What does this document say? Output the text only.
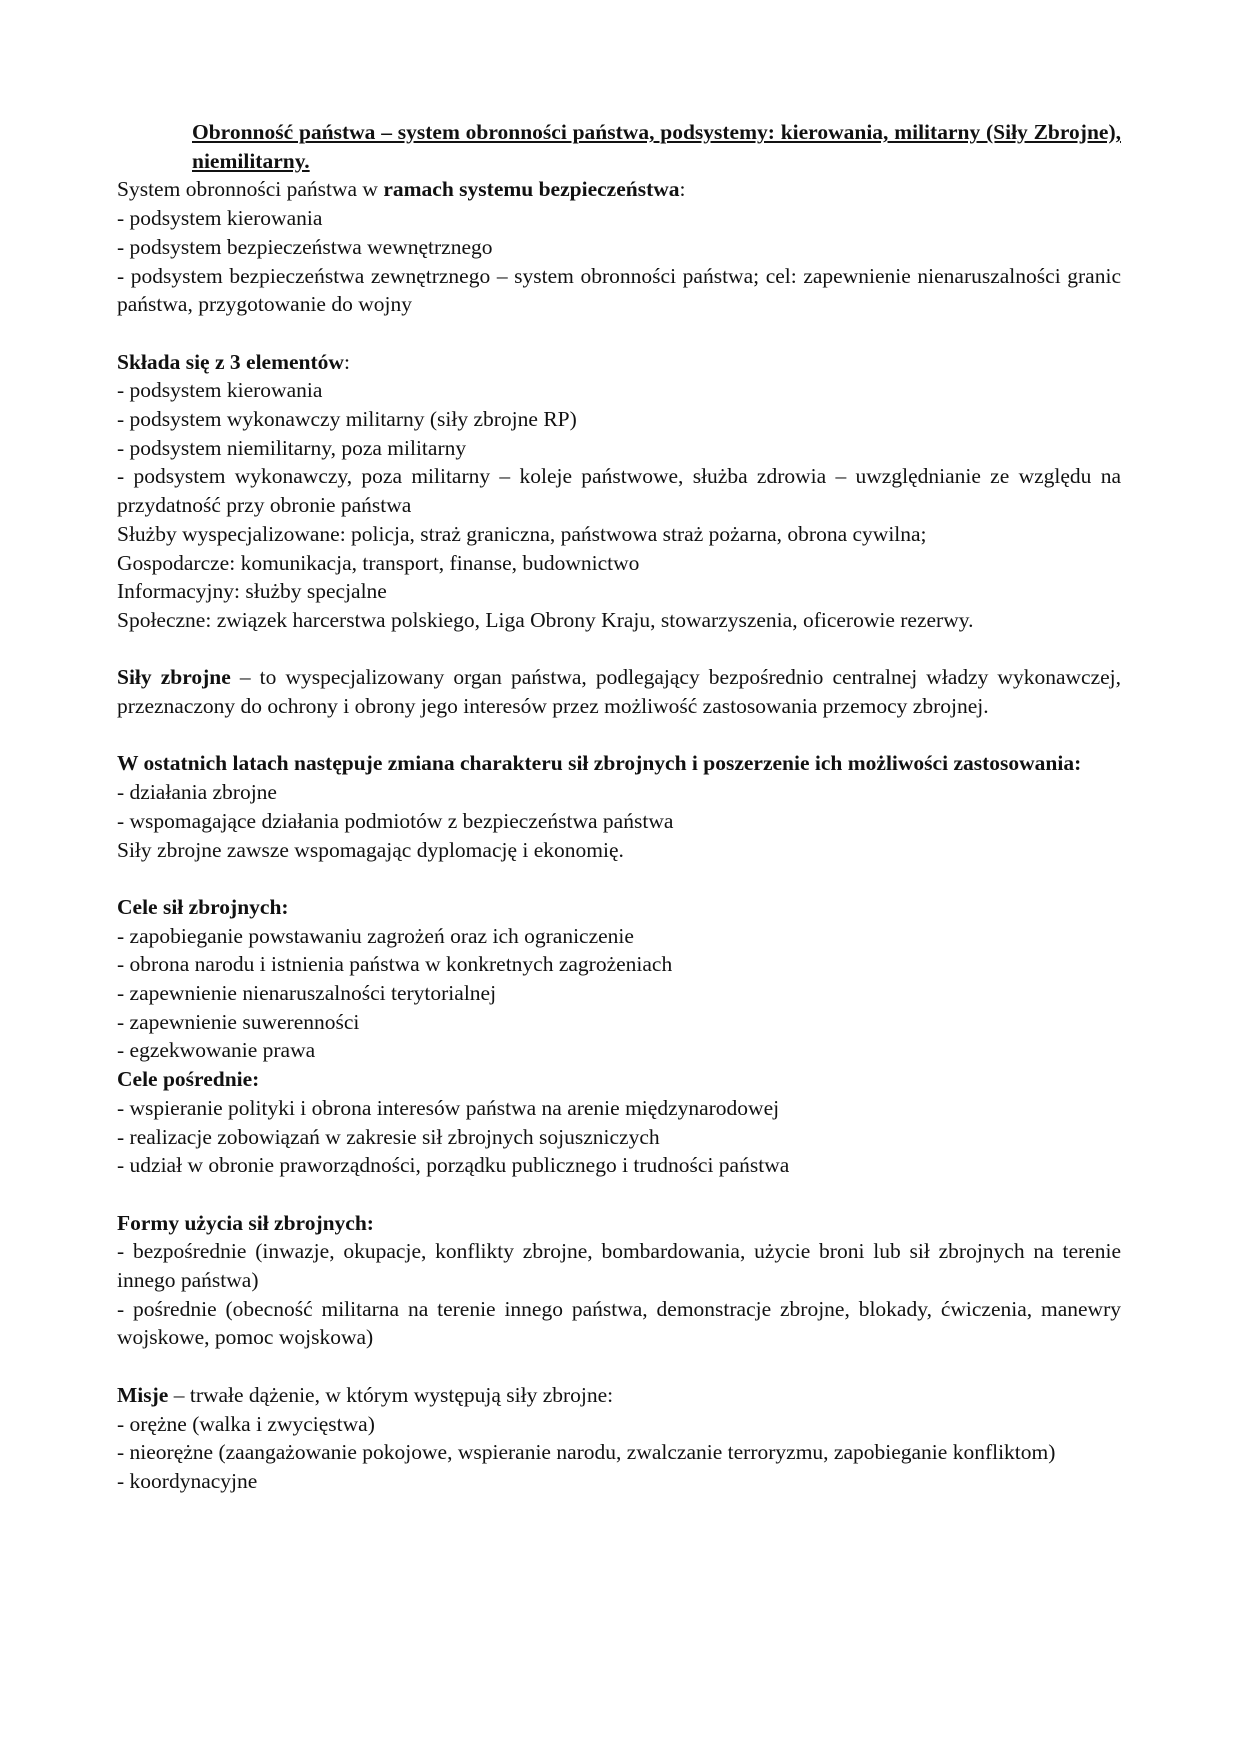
Obronność państwa – system obronności państwa, podsystemy: kierowania, militarny (Siły Zbrojne), niemilitarny.

System obronności państwa w ramach systemu bezpieczeństwa:

- podsystem kierowania

- podsystem bezpieczeństwa wewnętrznego

- podsystem bezpieczeństwa zewnętrznego – system obronności państwa; cel: zapewnienie nienaruszalności granic państwa, przygotowanie do wojny

Składa się z 3 elementów:

- podsystem kierowania

- podsystem wykonawczy militarny (siły zbrojne RP)

- podsystem niemilitarny, poza militarny

- podsystem wykonawczy, poza militarny – koleje państwowe, służba zdrowia – uwzględnianie ze względu na przydatność przy obronie państwa

Służby wyspecjalizowane: policja, straż graniczna, państwowa straż pożarna, obrona cywilna;

Gospodarcze: komunikacja, transport, finanse, budownictwo

Informacyjny: służby specjalne

Społeczne: związek harcerstwa polskiego, Liga Obrony Kraju, stowarzyszenia, oficerowie rezerwy.

Siły zbrojne – to wyspecjalizowany organ państwa, podlegający bezpośrednio centralnej władzy wykonawczej, przeznaczony do ochrony i obrony jego interesów przez możliwość zastosowania przemocy zbrojnej.

W ostatnich latach następuje zmiana charakteru sił zbrojnych i poszerzenie ich możliwości zastosowania:

- działania zbrojne

- wspomagające działania podmiotów z bezpieczeństwa państwa

Siły zbrojne zawsze wspomagając dyplomację i ekonomię.

Cele sił zbrojnych:

- zapobieganie powstawaniu zagrożeń oraz ich ograniczenie

- obrona narodu i istnienia państwa w konkretnych zagrożeniach

- zapewnienie nienaruszalności terytorialnej

- zapewnienie suwerenności

- egzekwowanie prawa

Cele pośrednie:

- wspieranie polityki i obrona interesów państwa na arenie międzynarodowej

- realizacje zobowiązań w zakresie sił zbrojnych sojuszniczych

- udział w obronie praworządności, porządku publicznego i trudności państwa

Formy użycia sił zbrojnych:

- bezpośrednie (inwazje, okupacje, konflikty zbrojne, bombardowania, użycie broni lub sił zbrojnych na terenie innego państwa)

- pośrednie (obecność militarna na terenie innego państwa, demonstracje zbrojne, blokady, ćwiczenia, manewry wojskowe, pomoc wojskowa)

Misje – trwałe dążenie, w którym występują siły zbrojne:

- orężne (walka i zwycięstwa)

- nieorężne (zaangażowanie pokojowe, wspieranie narodu, zwalczanie terroryzmu, zapobieganie konfliktom)

- koordynacyjne
